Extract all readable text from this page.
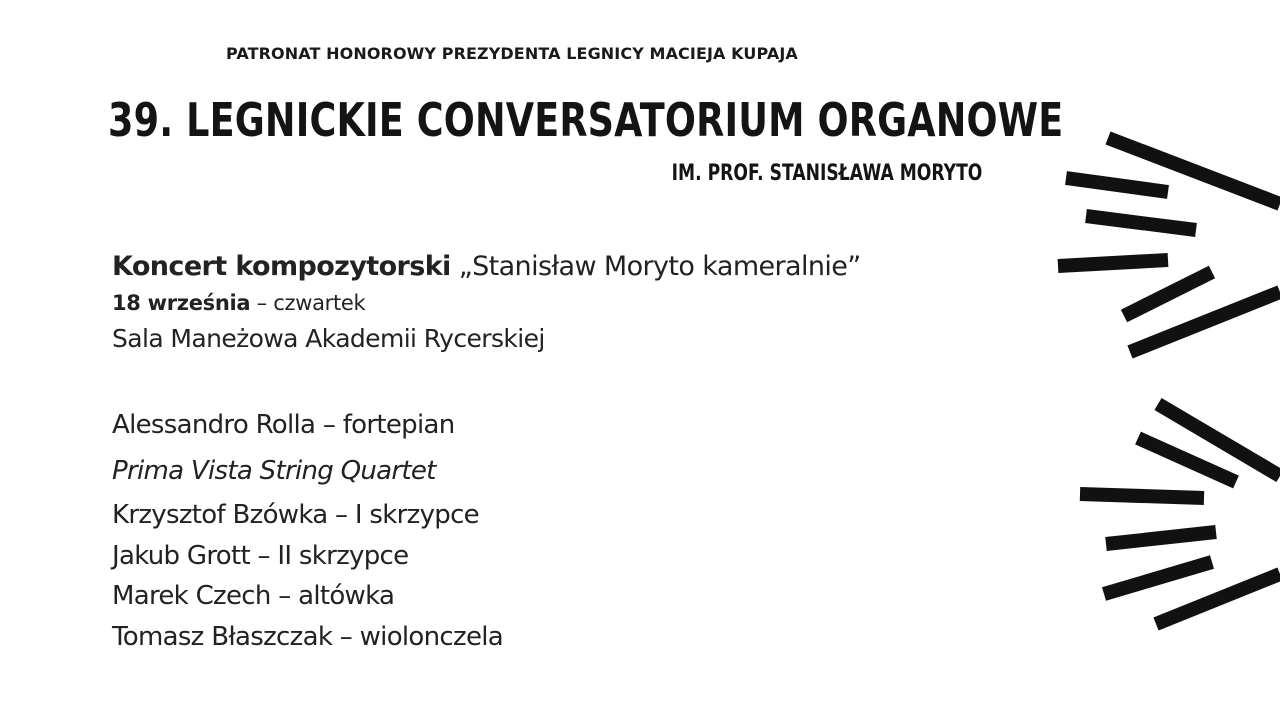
PATRONAT HONOROWY PREZYDENTA LEGNICY MACIEJA KUPAJA
39. LEGNICKIE CONVERSATORIUM ORGANOWE
IM. PROF. STANISŁAWA MORYTO
Koncert kompozytorski „Stanisław Moryto kameralnie”
18 września – czwartek
Sala Maneżowa Akademii Rycerskiej
Alessandro Rolla – fortepian
Prima Vista String Quartet
Krzysztof Bzówka – I skrzypce
Jakub Grott – II skrzypce
Marek Czech – altówka
Tomasz Błaszczak – wiolonczela
